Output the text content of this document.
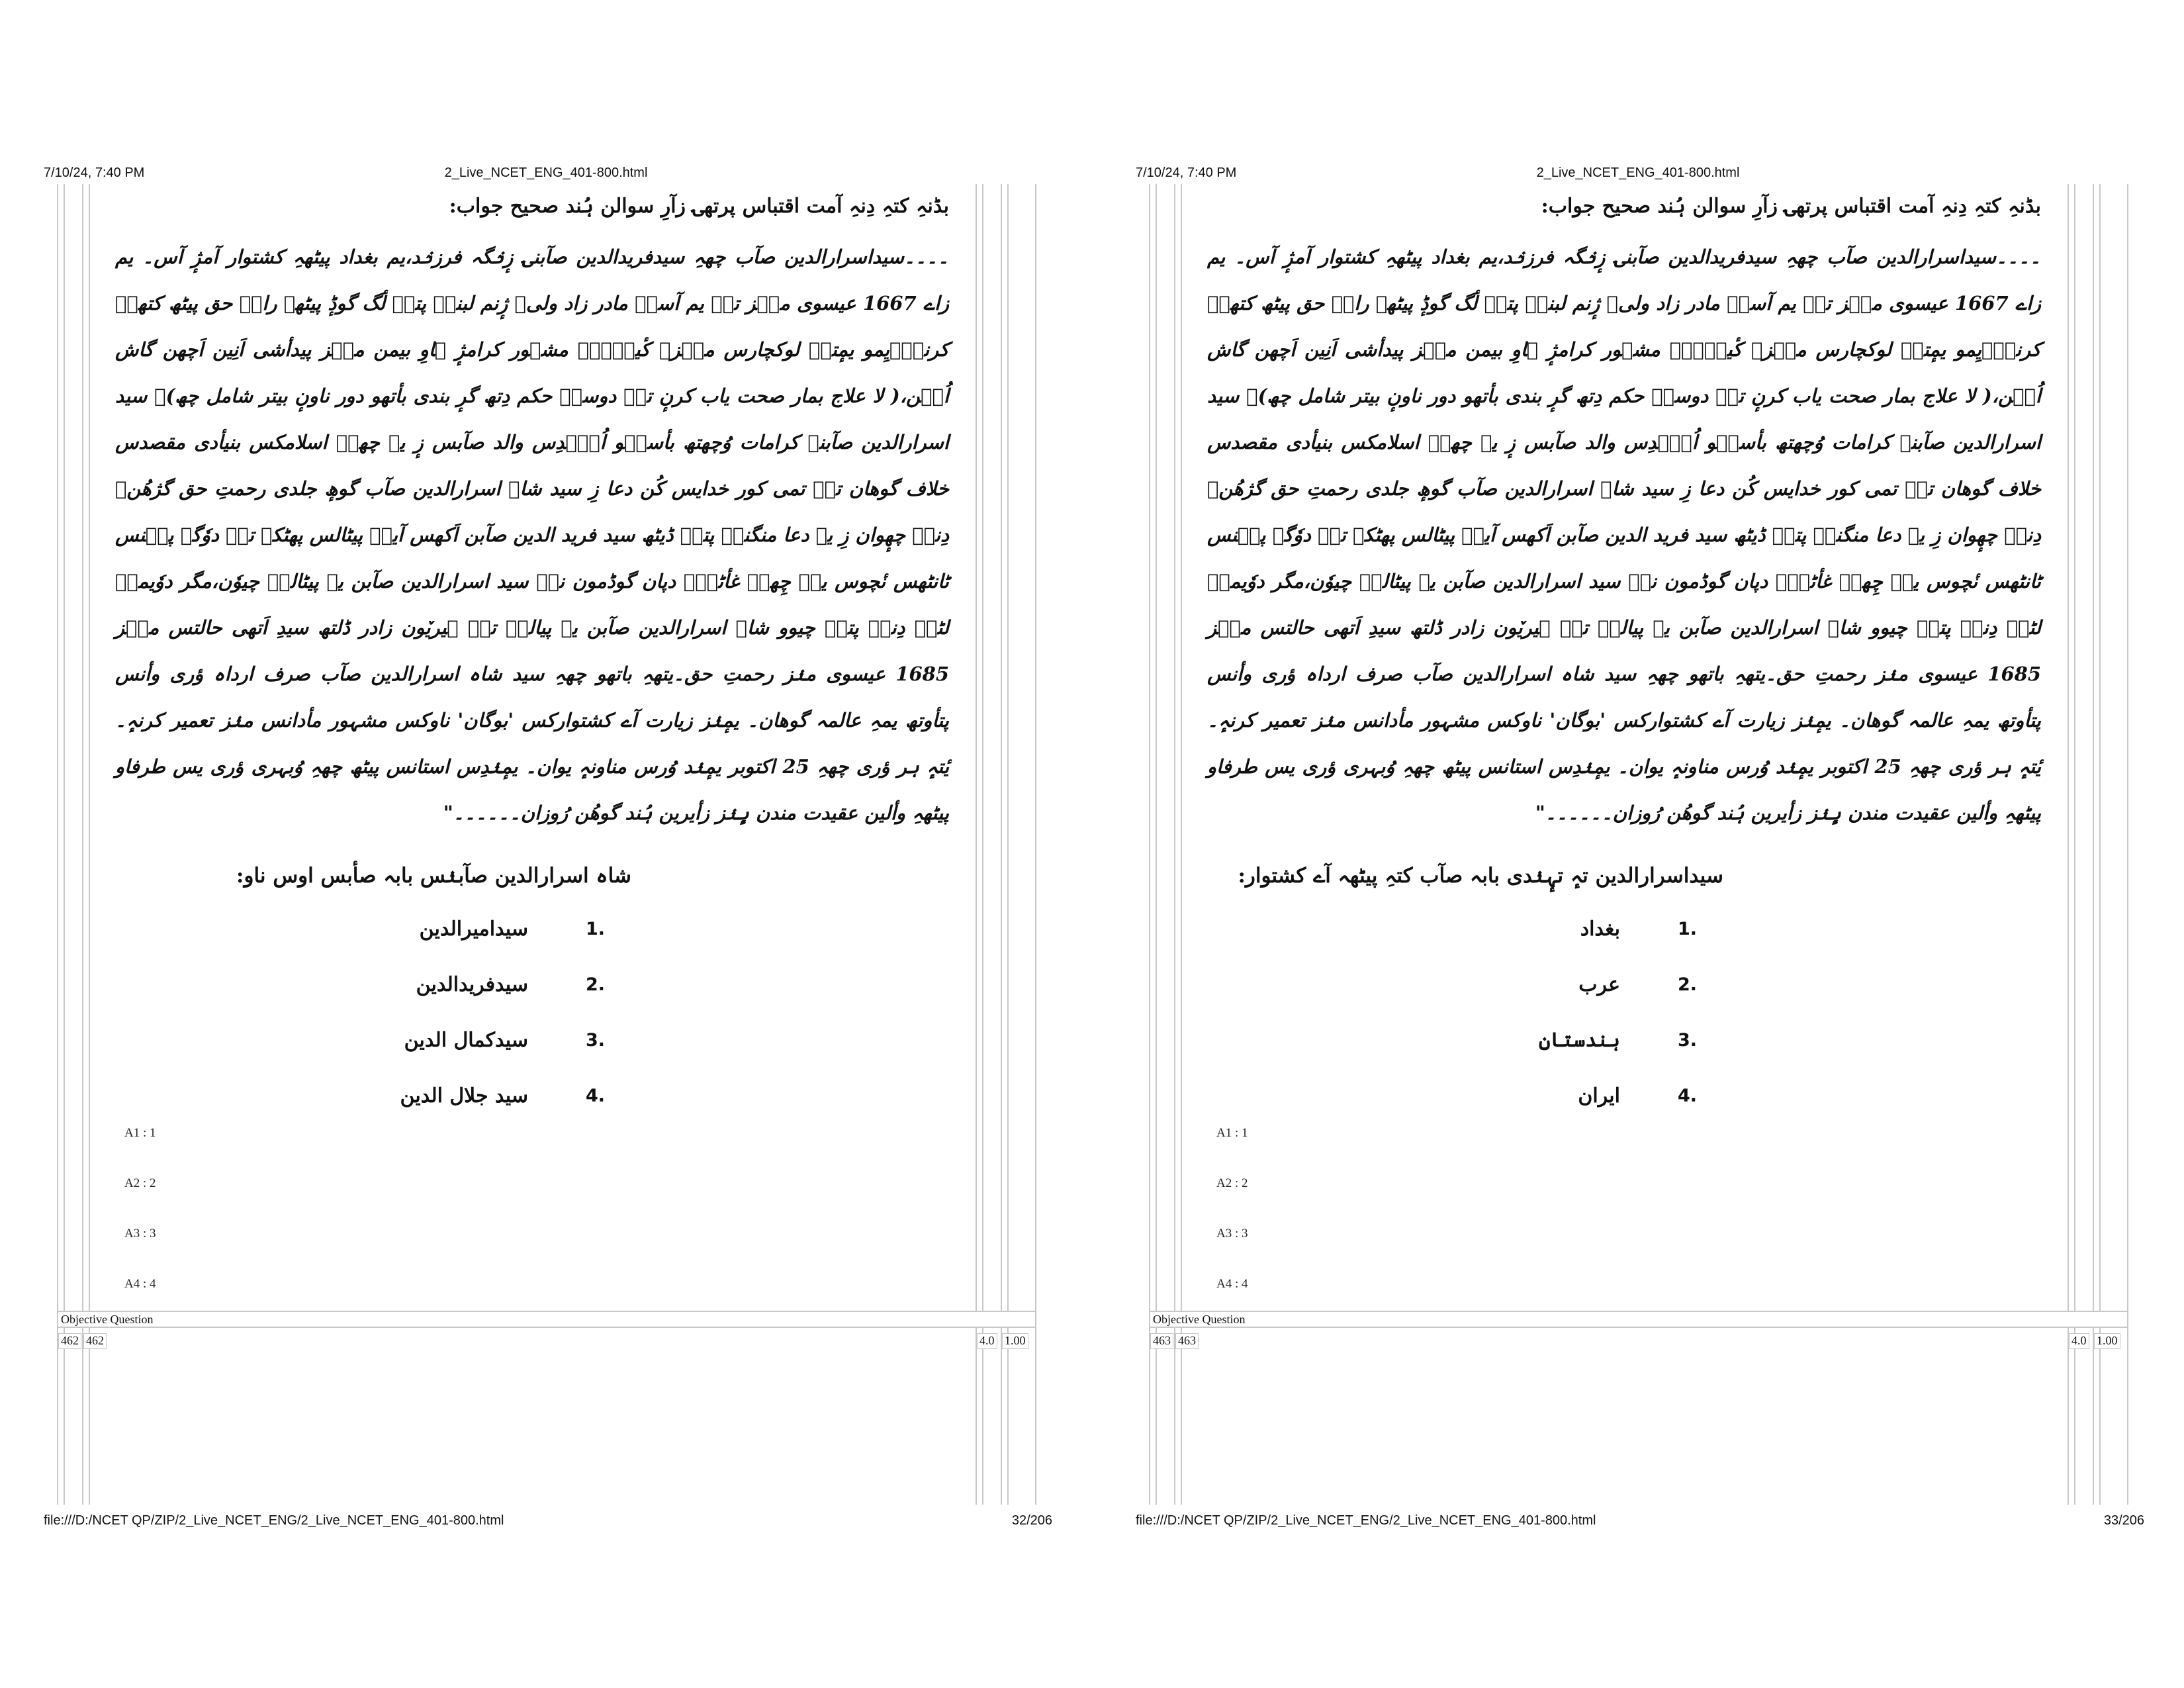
7/10/24, 7:40 PM	2_Live_NCET_ENG_401-800.html

بڈنہِ کتہِ دِنہِ آمت اقتباس پرتھۍ زآرِ سوالن ہُند صحیح جواب:

۔۔۔۔سیداسرارالدین صآب چھہِ سیدفریدالدین صآبنۍ زٕنٛگہ فرزنٛد،یم بغداد پیٹھہِ کشتوار آمژٕ آس۔ یم زاے 1667 عیسوی منٛز تہٕ یم آسہِ مادر زاد ولی۔ ژٕنم لبنہٕ پتہٕ لٔگ گوڈٕ پیٹھے راہِ حق پیٹھ کتھہِ کرنہِ۔یِمو یمٕتہِ لوکچارس منٛزے کٔینٛہہِ مشہور کرامژٕ ہاوِ بیمن منٛز پیدأشی اَنِین اَچھن گاش اُنٛن،( لا علاج بمار صحت یاب کرنٕ تہٕ دوسہِ حکم دِتھ گرٕ بندی بأتھو دور ناونٕ بیتر شامل چھ)۔ سید اسرارالدین صآبنۍ کرامات وُچھتھ بأسنٛو اُہنٛدِس والد صآبس زٕ یہ چھہِ اسلامکس بنیأدی مقصدس خلاف گوھان تہٕ تمی کور خدایس کُن دعا زِ سید شاہ اسرارالدین صآب گوھٕ جلدی رحمتِ حق گژھُن۔ دِنہٕ چھٕوان زِ یہ دعا منگنہٕ پتہٕ ڈیٹھ سید فرید الدین صآبن اَکھس آیہِ پیٹالس پھٹکہ تہٕ دوٗگہ پنٛنس ٹانٹھس نٔچوس یہِ چِھہِ غأٹہہ۔ دپان گوڈمون نہٕ سید اسرارالدین صآبن یہ پیٹالہِ چیوٗن،مگر دوٗیمہِ لٹہٕ دِنہٕ پتہٕ چیوو شاہ اسرارالدین صآبن یہ پیالہٕ تہٕ ہیریٚون زادر ڈلتھ سیدِ اَتھی حالتس منٛز 1685 عیسوی منٛز رحمتِ حق۔یتھہِ باتھو چھہِ سید شاہ اسرارالدین صآب صرف ارداہ ؤری وأنس پتأوتھ یمہِ عالمہ گوھان۔ یمٕنٛز زیارت آے کشتوارکس 'بوگان' ناوکس مشہور مأدانس منٛز تعمیر کرنہٕ۔ یٔتہٕ ہر ؤری چھہِ 25 اکتوبر یمٕنٛد وُرس مناونہٕ یوان۔ یمٕنٛدِس استانس پیٹھ چھہِ وُبہری ؤری یس طرفاو پیٹھہِ وألین عقیدت مندن ہٕنٛز زأیرین ہُند گوھُن رُوزان۔۔۔۔۔۔"

شاہ اسرارالدین صآبنٛس بابہ صأبس اوس ناو:

1.
سیدامیرالدین
2.
سیدفریدالدین
3.
سیدکمال الدین
4.
سید جلال الدین
A1 : 1
A2 : 2
A3 : 3
A4 : 4
Objective Question
462 462	4.0 1.00
file:///D:/NCET QP/ZIP/2_Live_NCET_ENG/2_Live_NCET_ENG_401-800.html	32/206
7/10/24, 7:40 PM	2_Live_NCET_ENG_401-800.html

بڈنہِ کتہِ دِنہِ آمت اقتباس پرتھۍ زآرِ سوالن ہُند صحیح جواب:

۔۔۔۔سیداسرارالدین صآب چھہِ سیدفریدالدین صآبنۍ زٕنٛگہ فرزنٛد،یم بغداد پیٹھہِ کشتوار آمژٕ آس۔ یم زاے 1667 عیسوی منٛز تہٕ یم آسہِ مادر زاد ولی۔ ژٕنم لبنہٕ پتہٕ لٔگ گوڈٕ پیٹھے راہِ حق پیٹھ کتھہِ کرنہِ۔یِمو یمٕتہِ لوکچارس منٛزے کٔینٛہہِ مشہور کرامژٕ ہاوِ بیمن منٛز پیدأشی اَنِین اَچھن گاش اُنٛن،( لا علاج بمار صحت یاب کرنٕ تہٕ دوسہِ حکم دِتھ گرٕ بندی بأتھو دور ناونٕ بیتر شامل چھ)۔ سید اسرارالدین صآبنۍ کرامات وُچھتھ بأسنٛو اُہنٛدِس والد صآبس زٕ یہ چھہِ اسلامکس بنیأدی مقصدس خلاف گوھان تہٕ تمی کور خدایس کُن دعا زِ سید شاہ اسرارالدین صآب گوھٕ جلدی رحمتِ حق گژھُن۔ دِنہٕ چھٕوان زِ یہ دعا منگنہٕ پتہٕ ڈیٹھ سید فرید الدین صآبن اَکھس آیہِ پیٹالس پھٹکہ تہٕ دوٗگہ پنٛنس ٹانٹھس نٔچوس یہِ چِھہِ غأٹہہ۔ دپان گوڈمون نہٕ سید اسرارالدین صآبن یہ پیٹالہِ چیوٗن،مگر دوٗیمہِ لٹہٕ دِنہٕ پتہٕ چیوو شاہ اسرارالدین صآبن یہ پیالہٕ تہٕ ہیریٚون زادر ڈلتھ سیدِ اَتھی حالتس منٛز 1685 عیسوی منٛز رحمتِ حق۔یتھہِ باتھو چھہِ سید شاہ اسرارالدین صآب صرف ارداہ ؤری وأنس پتأوتھ یمہِ عالمہ گوھان۔ یمٕنٛز زیارت آے کشتوارکس 'بوگان' ناوکس مشہور مأدانس منٛز تعمیر کرنہٕ۔ یٔتہٕ ہر ؤری چھہِ 25 اکتوبر یمٕنٛد وُرس مناونہٕ یوان۔ یمٕنٛدِس استانس پیٹھ چھہِ وُبہری ؤری یس طرفاو پیٹھہِ وألین عقیدت مندن ہٕنٛز زأیرین ہُند گوھُن رُوزان۔۔۔۔۔۔"

سیداسرارالدین تہٕ تہٕنٛدی بابہ صآب کتہِ پیٹھہ آے کشتوار:

1.
بغداد
2.
عرب
3.
ہندستان
4.
ایران
A1 : 1
A2 : 2
A3 : 3
A4 : 4
Objective Question
463 463	4.0 1.00
file:///D:/NCET QP/ZIP/2_Live_NCET_ENG/2_Live_NCET_ENG_401-800.html	33/206
